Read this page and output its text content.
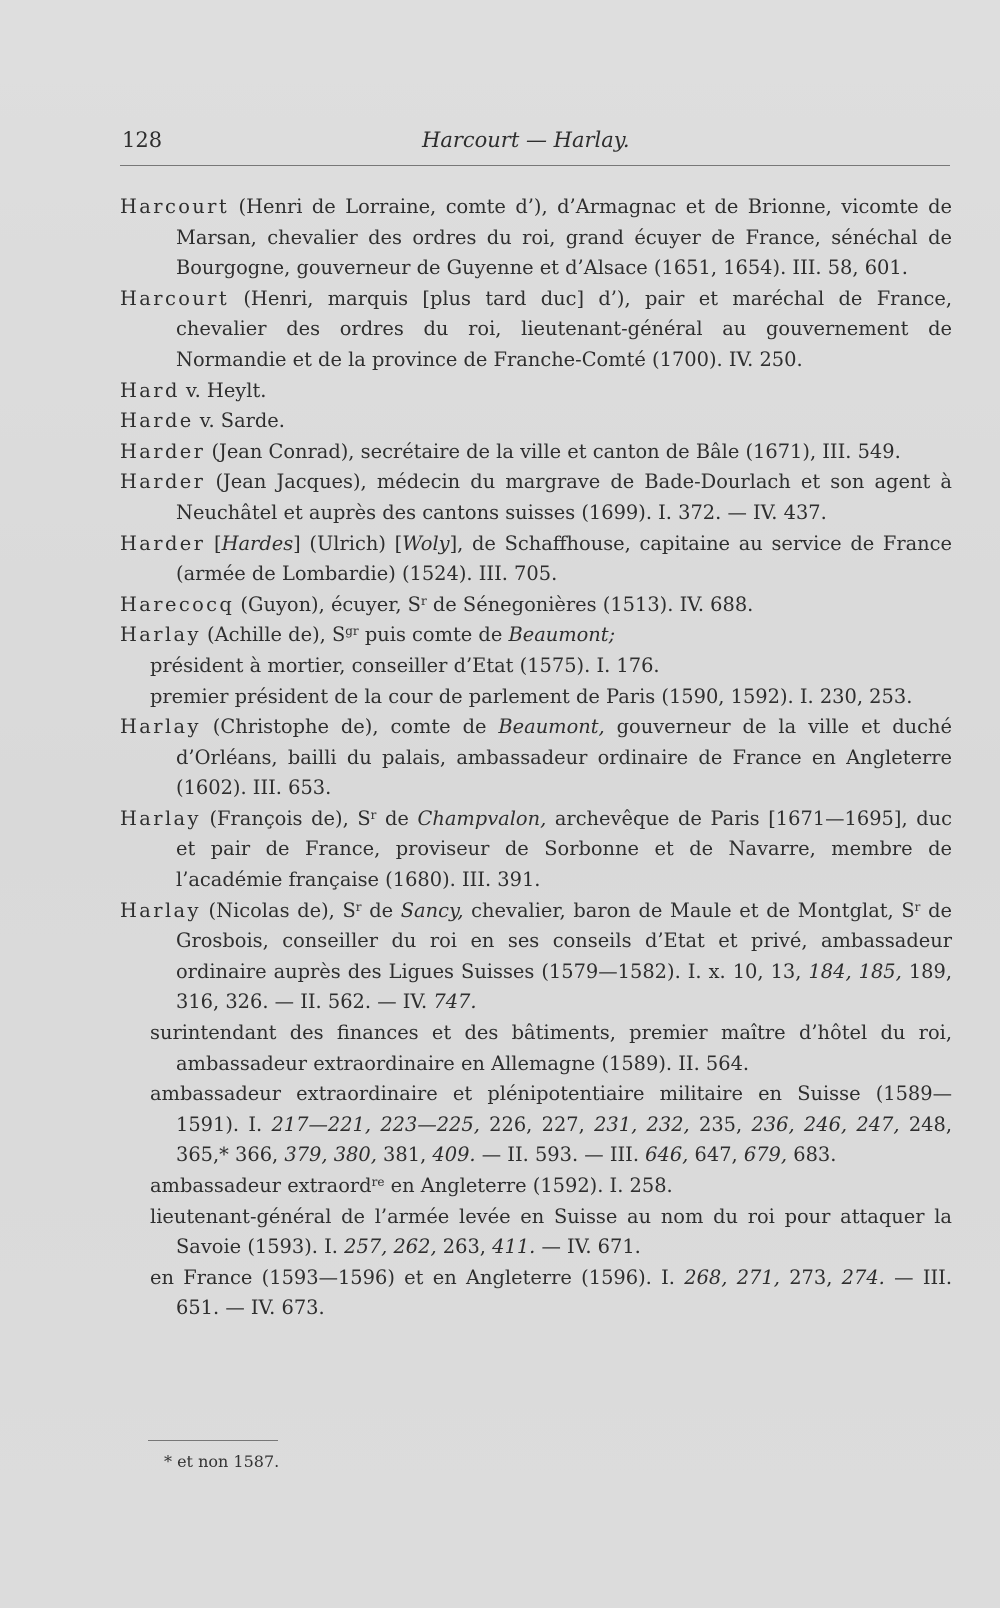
128	Harcourt — Harlay.

Harcourt (Henri de Lorraine, comte d’), d’Armagnac et de Brionne, vicomte de Marsan, chevalier des ordres du roi, grand écuyer de France, sénéchal de Bourgogne, gouverneur de Guyenne et d’Alsace (1651, 1654). III. 58, 601.

Harcourt (Henri, marquis [plus tard duc] d’), pair et maréchal de France, chevalier des ordres du roi, lieutenant-général au gouvernement de Normandie et de la province de Franche-Comté (1700). IV. 250.

Hard v. Heylt.

Harde v. Sarde.

Harder (Jean Conrad), secrétaire de la ville et canton de Bâle (1671), III. 549.

Harder (Jean Jacques), médecin du margrave de Bade-Dourlach et son agent à Neuchâtel et auprès des cantons suisses (1699). I. 372. — IV. 437.

Harder [Hardes] (Ulrich) [Woly], de Schaffhouse, capitaine au service de France (armée de Lombardie) (1524). III. 705.

Harecocq (Guyon), écuyer, $S^r$ de Sénegonières (1513). IV. 688.

Harlay (Achille de), $S^{gr}$ puis comte de Beaumont;

président à mortier, conseiller d’Etat (1575). I. 176.

premier président de la cour de parlement de Paris (1590, 1592). I. 230, 253.

Harlay (Christophe de), comte de Beaumont, gouverneur de la ville et duché d’Orléans, bailli du palais, ambassadeur ordinaire de France en Angleterre (1602). III. 653.

Harlay (François de), $S^r$ de Champvalon, archevêque de Paris [1671—1695], duc et pair de France, proviseur de Sorbonne et de Navarre, membre de l’académie française (1680). III. 391.

Harlay (Nicolas de), $S^r$ de Sancy, chevalier, baron de Maule et de Montglat, $S^r$ de Grosbois, conseiller du roi en ses conseils d’Etat et privé, ambassadeur ordinaire auprès des Ligues Suisses (1579—1582). I. x. 10, 13, 184, 185, 189, 316, 326. — II. 562. — IV. 747.

surintendant des finances et des bâtiments, premier maître d’hôtel du roi, ambassadeur extraordinaire en Allemagne (1589). II. 564.

ambassadeur extraordinaire et plénipotentiaire militaire en Suisse (1589—1591). I. 217—221, 223—225, 226, 227, 231, 232, 235, 236, 246, 247, 248, 365,* 366, 379, 380, 381, 409. — II. 593. — III. 646, 647, 679, 683.

ambassadeur extraord$^{re}$ en Angleterre (1592). I. 258.

lieutenant-général de l’armée levée en Suisse au nom du roi pour attaquer la Savoie (1593). I. 257, 262, 263, 411. — IV. 671.

en France (1593—1596) et en Angleterre (1596). I. 268, 271, 273, 274. — III. 651. — IV. 673.

* et non 1587.
